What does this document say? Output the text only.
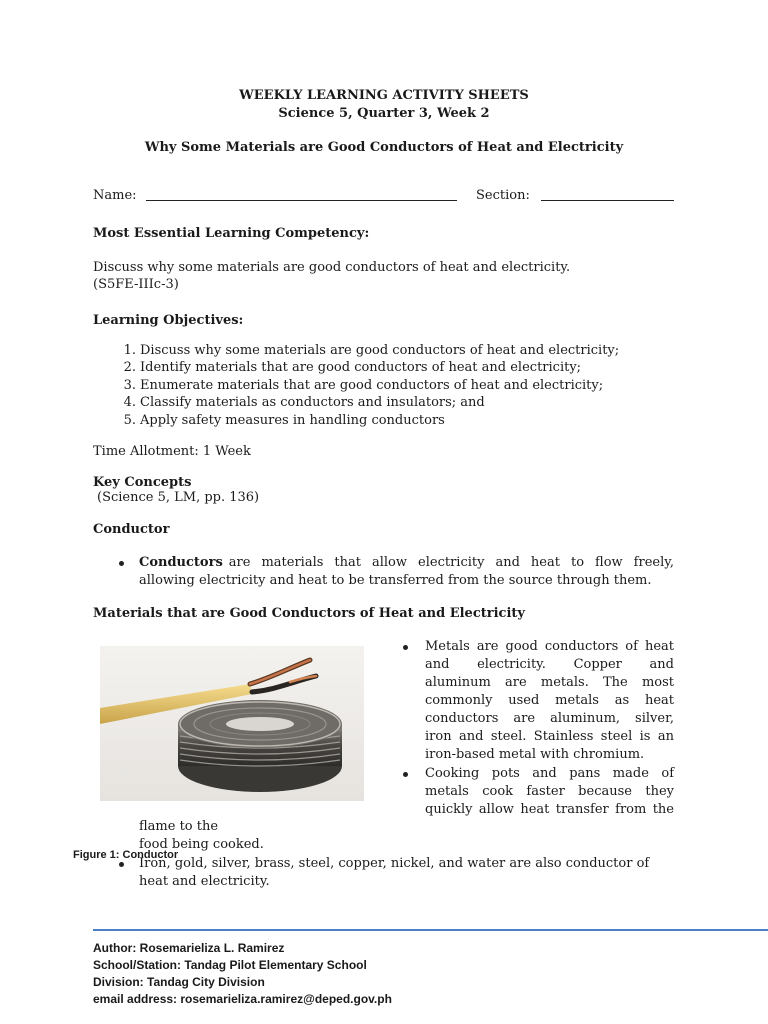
WEEKLY LEARNING ACTIVITY SHEETS
Science 5, Quarter 3, Week 2
Why Some Materials are Good Conductors of Heat and Electricity
Name:	Section:
Most Essential Learning Competency:
Discuss why some materials are good conductors of heat and electricity.
(S5FE-IIIc-3)
Learning Objectives:
1. Discuss why some materials are good conductors of heat and electricity;
2. Identify materials that are good conductors of heat and electricity;
3. Enumerate materials that are good conductors of heat and electricity;
4. Classify materials as conductors and insulators; and
5. Apply safety measures in handling conductors
Time Allotment: 1 Week
Key Concepts
(Science 5, LM, pp. 136)
Conductor
Conductors are materials that allow electricity and heat to flow freely,
allowing electricity and heat to be transferred from the source through them.
Materials that are Good Conductors of Heat and Electricity
Metals are good conductors of heat
and electricity. Copper and
aluminum are metals. The most
commonly used metals as heat
conductors are aluminum, silver,
iron and steel. Stainless steel is an
iron-based metal with chromium.
Cooking pots and pans made of
metals cook faster because they
quickly allow heat transfer from the
flame to the
food being cooked.
Figure 1: Conductor
Iron, gold, silver, brass, steel, copper, nickel, and water are also conductor of
heat and electricity.
Author: Rosemarieliza L. Ramirez
School/Station: Tandag Pilot Elementary School
Division: Tandag City Division
email address: rosemarieliza.ramirez@deped.gov.ph
